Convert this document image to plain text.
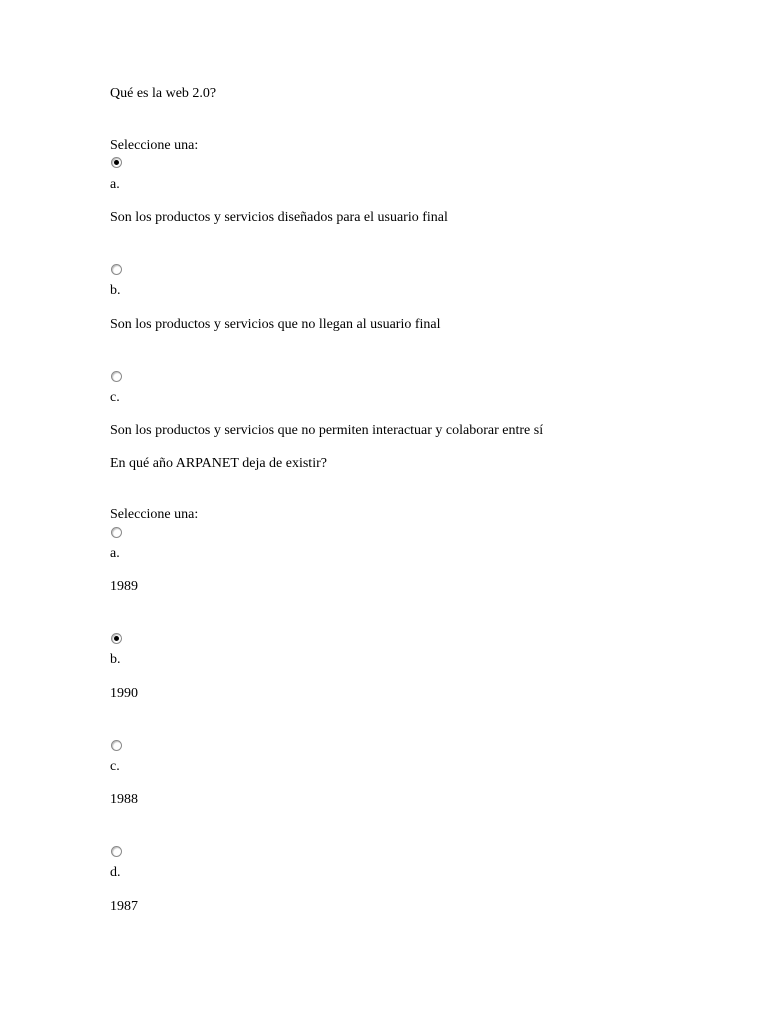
Qué es la web 2.0?
Seleccione una:
a.
Son los productos y servicios diseñados para el usuario final
b.
Son los productos y servicios que no llegan al usuario final
c.
Son los productos y servicios que no permiten interactuar y colaborar entre sí
En qué año ARPANET deja de existir?
Seleccione una:
a.
1989
b.
1990
c.
1988
d.
1987
